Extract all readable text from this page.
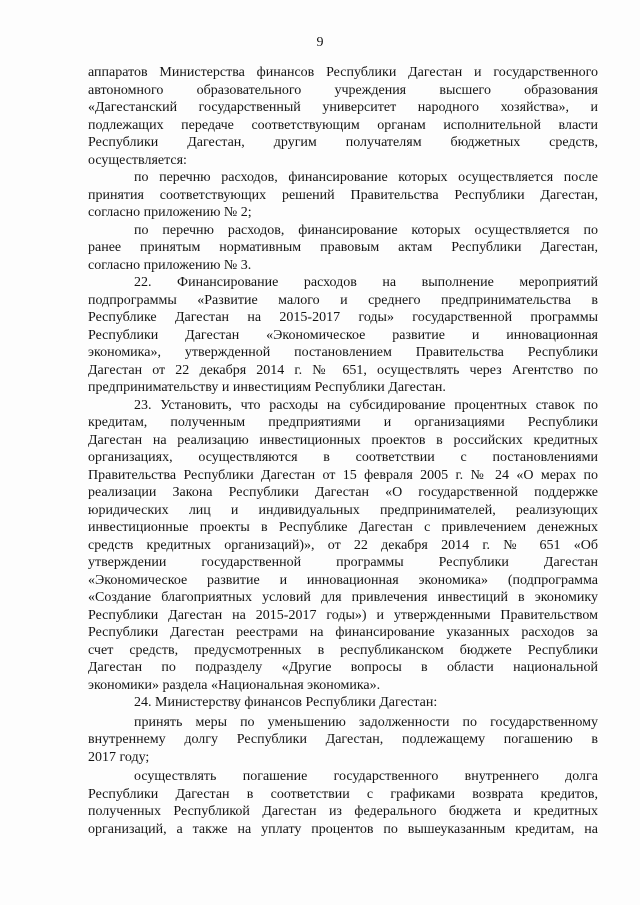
9
аппаратов Министерства финансов Республики Дагестан и государственного
автономного образовательного учреждения высшего образования
«Дагестанский государственный университет народного хозяйства», и
подлежащих передаче соответствующим органам исполнительной власти
Республики Дагестан, другим получателям бюджетных средств,
осуществляется:
по перечню расходов, финансирование которых осуществляется после
принятия соответствующих решений Правительства Республики Дагестан,
согласно приложению № 2;
по перечню расходов, финансирование которых осуществляется по
ранее принятым нормативным правовым актам Республики Дагестан,
согласно приложению № 3.
22. Финансирование расходов на выполнение мероприятий
подпрограммы «Развитие малого и среднего предпринимательства в
Республике Дагестан на 2015-2017 годы» государственной программы
Республики Дагестан «Экономическое развитие и инновационная
экономика», утвержденной постановлением Правительства Республики
Дагестан от 22 декабря 2014 г. № 651, осуществлять через Агентство по
предпринимательству и инвестициям Республики Дагестан.
23. Установить, что расходы на субсидирование процентных ставок по
кредитам, полученным предприятиями и организациями Республики
Дагестан на реализацию инвестиционных проектов в российских кредитных
организациях, осуществляются в соответствии с постановлениями
Правительства Республики Дагестан от 15 февраля 2005 г. № 24 «О мерах по
реализации Закона Республики Дагестан «О государственной поддержке
юридических лиц и индивидуальных предпринимателей, реализующих
инвестиционные проекты в Республике Дагестан с привлечением денежных
средств кредитных организаций)», от 22 декабря 2014 г. № 651 «Об
утверждении государственной программы Республики Дагестан
«Экономическое развитие и инновационная экономика» (подпрограмма
«Создание благоприятных условий для привлечения инвестиций в экономику
Республики Дагестан на 2015-2017 годы») и утвержденными Правительством
Республики Дагестан реестрами на финансирование указанных расходов за
счет средств, предусмотренных в республиканском бюджете Республики
Дагестан по подразделу «Другие вопросы в области национальной
экономики» раздела «Национальная экономика».
24. Министерству финансов Республики Дагестан:
принять меры по уменьшению задолженности по государственному
внутреннему долгу Республики Дагестан, подлежащему погашению в
2017 году;
осуществлять погашение государственного внутреннего долга
Республики Дагестан в соответствии с графиками возврата кредитов,
полученных Республикой Дагестан из федерального бюджета и кредитных
организаций, а также на уплату процентов по вышеуказанным кредитам, на
